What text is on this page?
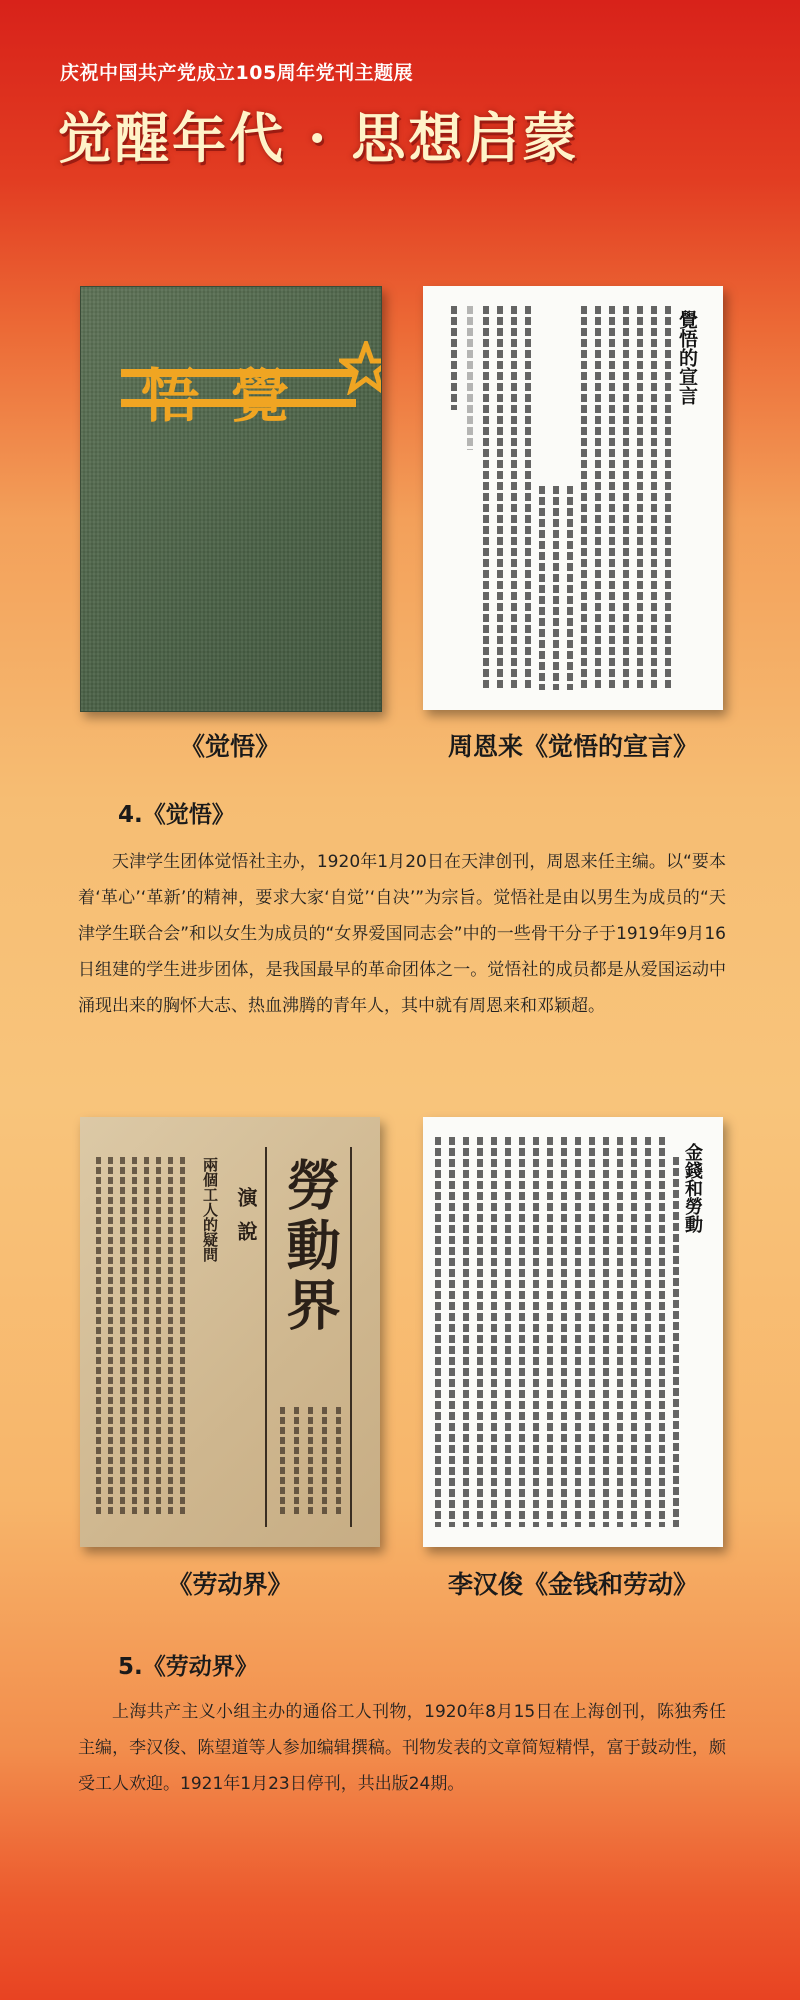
庆祝中国共产党成立105周年党刊主题展
觉醒年代 · 思想启蒙
悟 覺	覺悟的宣言
《觉悟》	周恩来《觉悟的宣言》
4.《觉悟》
天津学生团体觉悟社主办，1920年1月20日在天津创刊，周恩来任主编。以“要本着‘革心’‘革新’的精神，要求大家‘自觉’‘自决’”为宗旨。觉悟社是由以男生为成员的“天津学生联合会”和以女生为成员的“女界爱国同志会”中的一些骨干分子于1919年9月16日组建的学生进步团体，是我国最早的革命团体之一。觉悟社的成员都是从爱国运动中涌现出来的胸怀大志、热血沸腾的青年人，其中就有周恩来和邓颖超。
勞動界
演說
兩個工人的疑問	金錢和勞動
《劳动界》	李汉俊《金钱和劳动》
5.《劳动界》
上海共产主义小组主办的通俗工人刊物，1920年8月15日在上海创刊，陈独秀任主编，李汉俊、陈望道等人参加编辑撰稿。刊物发表的文章简短精悍，富于鼓动性，颇受工人欢迎。1921年1月23日停刊，共出版24期。
